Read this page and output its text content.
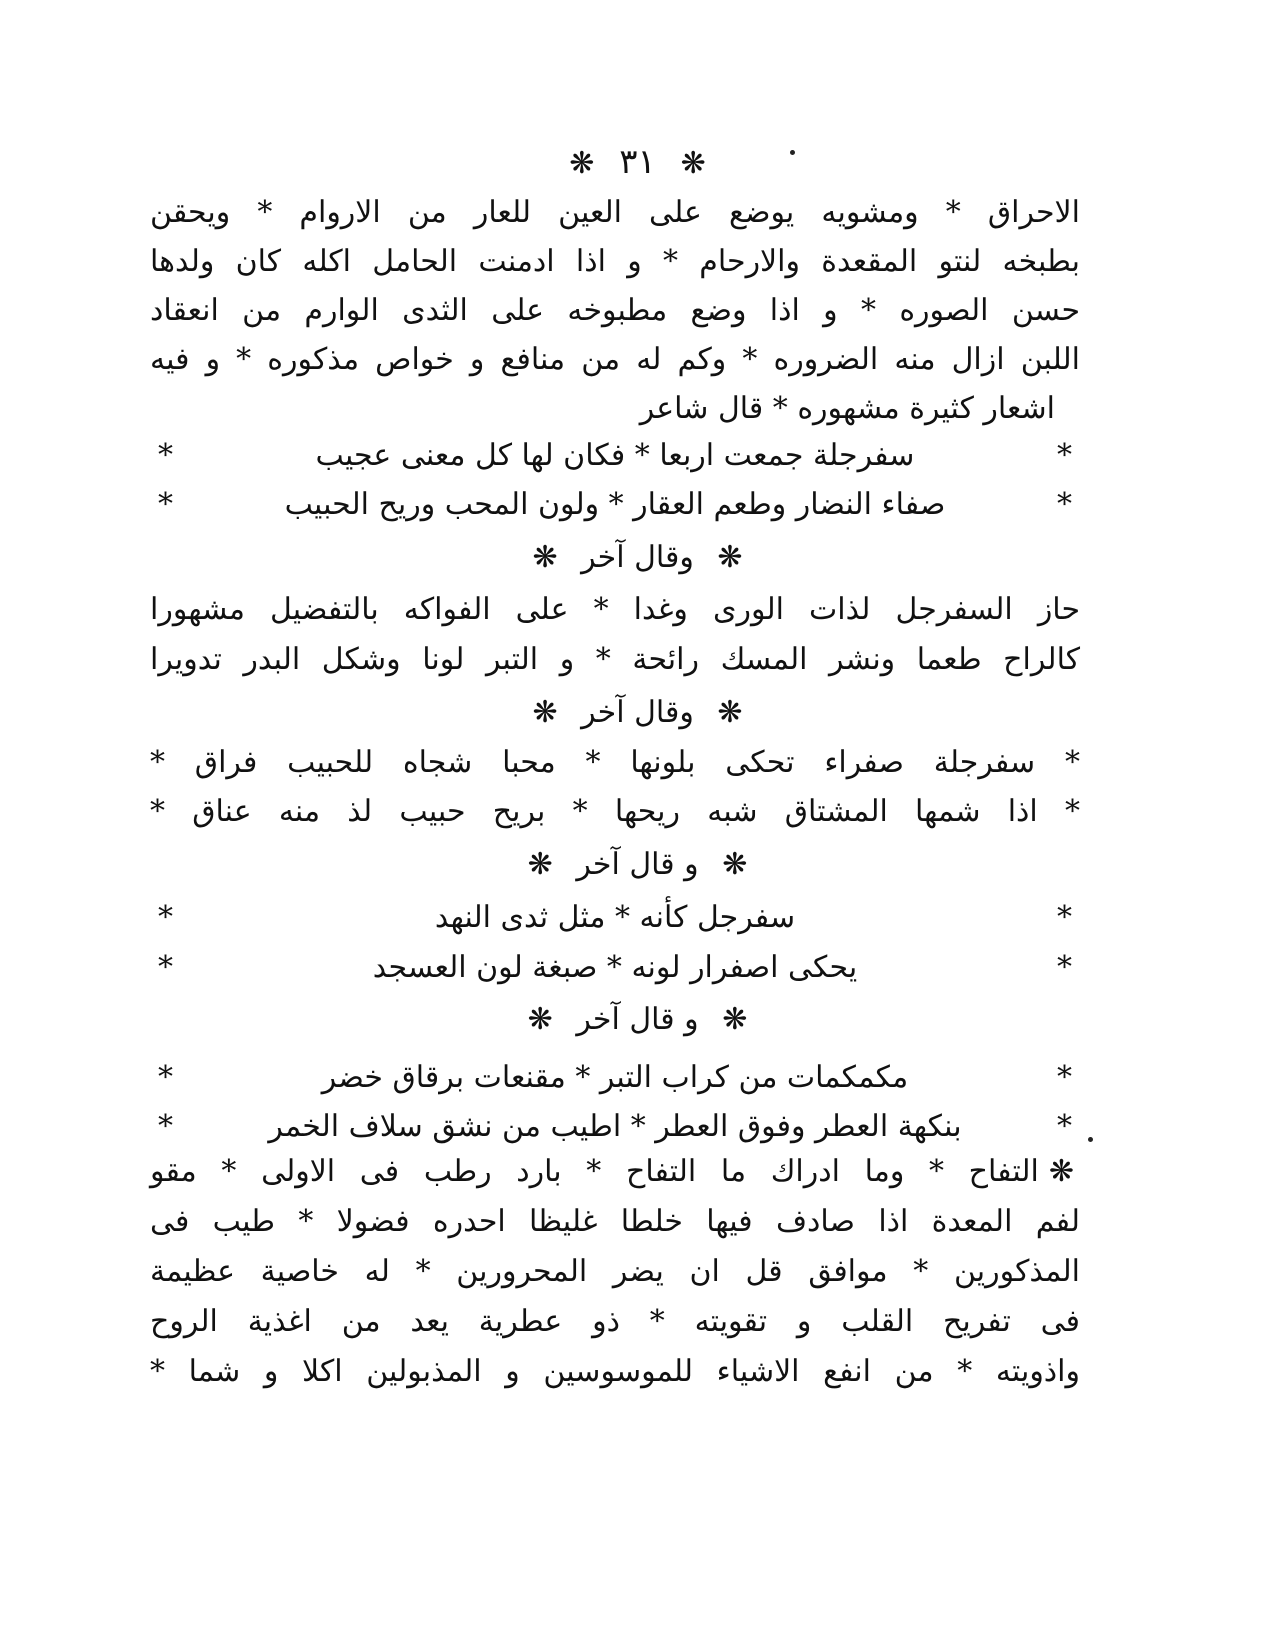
❋ ٣١ ❋
الاحراق * ومشويه يوضع على العين للعار من الاروام * ويحقن
بطبخه لنتو المقعدة والارحام * و اذا ادمنت الحامل اكله كان ولدها
حسن الصوره * و اذا وضع مطبوخه على الثدى الوارم من انعقاد
اللبن ازال منه الضروره * وكم له من منافع و خواص مذكوره * و فيه
اشعار كثيرة مشهوره * قال شاعر
*
سفرجلة جمعت اربعا * فكان لها كل معنى عجيب
*
*
صفاء النضار وطعم العقار * ولون المحب وريح الحبيب
*
❋ وقال آخر ❋
حاز السفرجل لذات الورى وغدا * على الفواكه بالتفضيل مشهورا
كالراح طعما ونشر المسك رائحة * و التبر لونا وشكل البدر تدويرا
❋ وقال آخر ❋
* سفرجلة صفراء تحكى بلونها * محبا شجاه للحبيب فراق *
* اذا شمها المشتاق شبه ريحها * بريح حبيب لذ منه عناق *
❋ و قال آخر ❋
*
سفرجل كأنه * مثل ثدى النهد
*
*
يحكى اصفرار لونه * صبغة لون العسجد
*
❋ و قال آخر ❋
*
مكمكمات من كراب التبر * مقنعات برقاق خضر
*
*
بنكهة العطر وفوق العطر * اطيب من نشق سلاف الخمر
*
❋التفاح * وما ادراك ما التفاح * بارد رطب فى الاولى * مقو
لفم المعدة اذا صادف فيها خلطا غليظا احدره فضولا * طيب فى
المذكورين * موافق قل ان يضر المحرورين * له خاصية عظيمة
فى تفريح القلب و تقويته * ذو عطرية يعد من اغذية الروح
واذويته * من انفع الاشياء للموسوسين و المذبولين اكلا و شما *
